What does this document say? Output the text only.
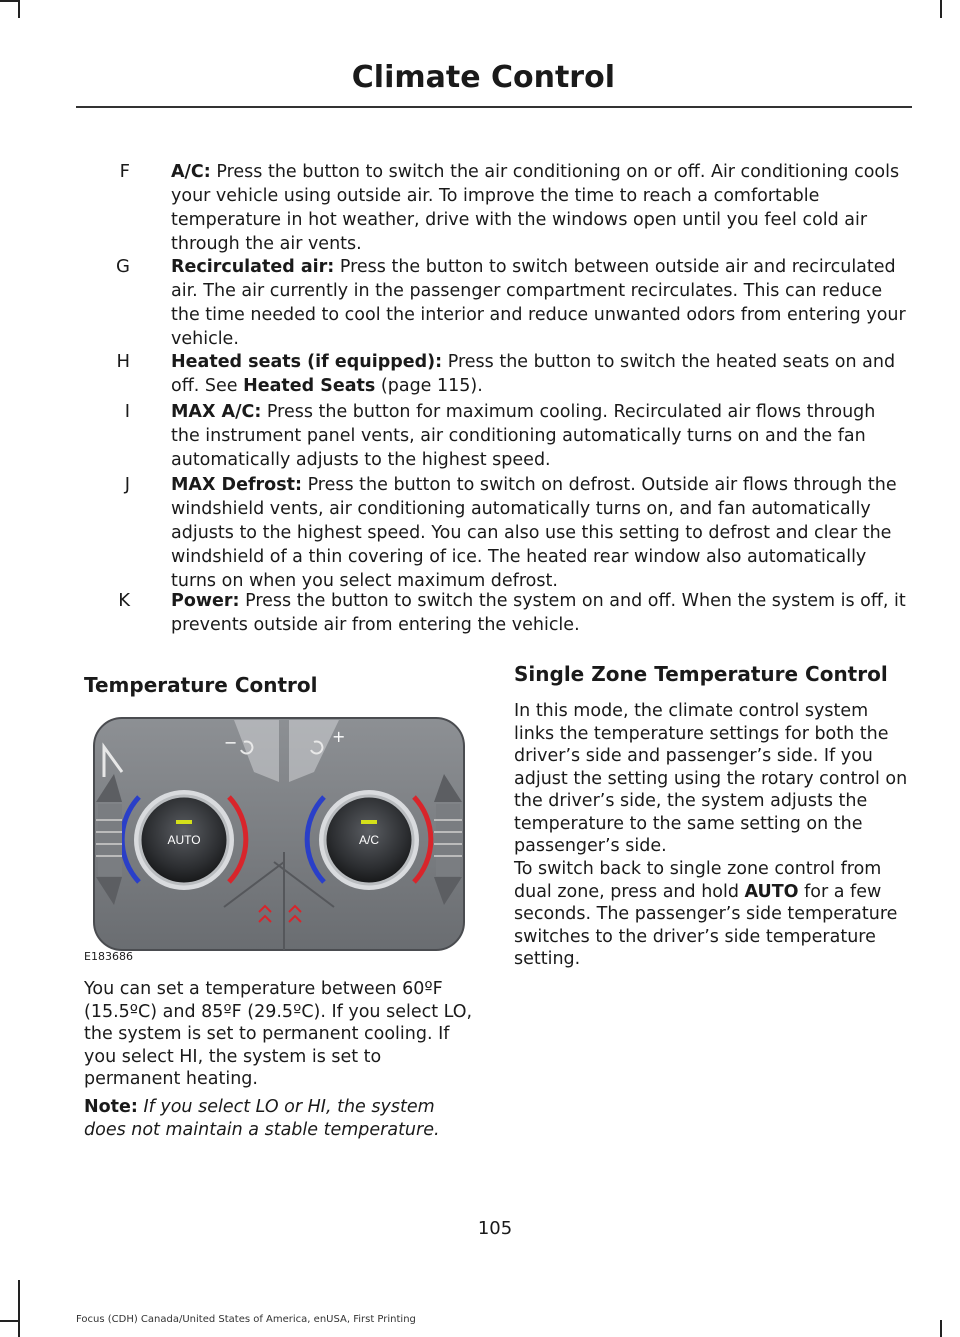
Climate Control
F A/C: Press the button to switch the air conditioning on or off. Air conditioning cools your vehicle using outside air. To improve the time to reach a comfortable temperature in hot weather, drive with the windows open until you feel cold air through the air vents.
G Recirculated air: Press the button to switch between outside air and recirculated air. The air currently in the passenger compartment recirculates. This can reduce the time needed to cool the interior and reduce unwanted odors from entering your vehicle.
H Heated seats (if equipped): Press the button to switch the heated seats on and off. See Heated Seats (page 115).
I MAX A/C: Press the button for maximum cooling. Recirculated air flows through the instrument panel vents, air conditioning automatically turns on and the fan automatically adjusts to the highest speed.
J MAX Defrost: Press the button to switch on defrost. Outside air flows through the windshield vents, air conditioning automatically turns on, and fan automatically adjusts to the highest speed. You can also use this setting to defrost and clear the windshield of a thin covering of ice. The heated rear window also automatically turns on when you select maximum defrost.
K Power: Press the button to switch the system on and off. When the system is off, it prevents outside air from entering the vehicle.
Temperature Control
−	+
AUTO	A/C
E183686
You can set a temperature between 60ºF (15.5ºC) and 85ºF (29.5ºC). If you select LO, the system is set to permanent cooling. If you select HI, the system is set to permanent heating.
Note: If you select LO or HI, the system does not maintain a stable temperature.
Single Zone Temperature Control
In this mode, the climate control system links the temperature settings for both the driver’s side and passenger’s side. If you adjust the setting using the rotary control on the driver’s side, the system adjusts the temperature to the same setting on the passenger’s side.
To switch back to single zone control from dual zone, press and hold AUTO for a few seconds. The passenger’s side temperature switches to the driver’s side temperature setting.
105
Focus (CDH) Canada/United States of America, enUSA, First Printing
